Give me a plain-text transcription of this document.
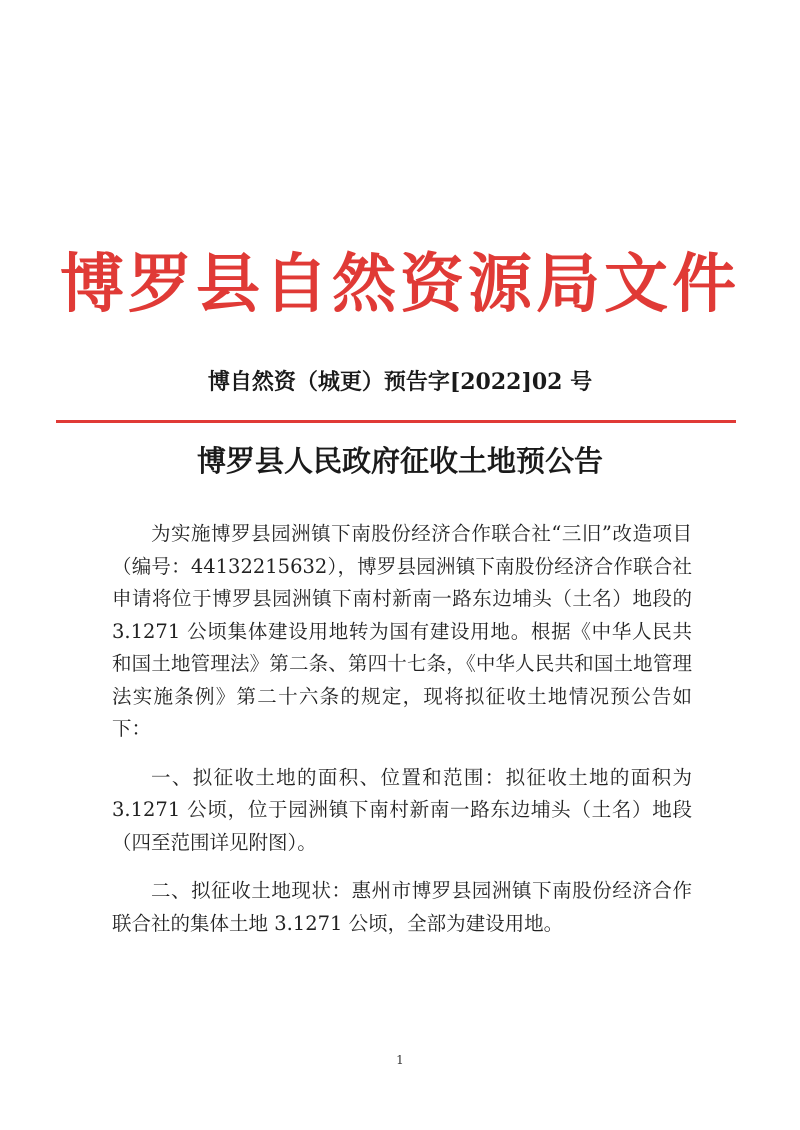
博罗县自然资源局文件
博自然资（城更）预告字[2022]02 号
博罗县人民政府征收土地预公告

为实施博罗县园洲镇下南股份经济合作联合社“三旧”改造项目（编号：44132215632），博罗县园洲镇下南股份经济合作联合社申请将位于博罗县园洲镇下南村新南一路东边埔头（土名）地段的 3.1271 公顷集体建设用地转为国有建设用地。根据《中华人民共和国土地管理法》第二条、第四十七条，《中华人民共和国土地管理法实施条例》第二十六条的规定，现将拟征收土地情况预公告如下：

一、拟征收土地的面积、位置和范围：拟征收土地的面积为 3.1271 公顷，位于园洲镇下南村新南一路东边埔头（土名）地段（四至范围详见附图）。

二、拟征收土地现状：惠州市博罗县园洲镇下南股份经济合作联合社的集体土地 3.1271 公顷，全部为建设用地。

1
